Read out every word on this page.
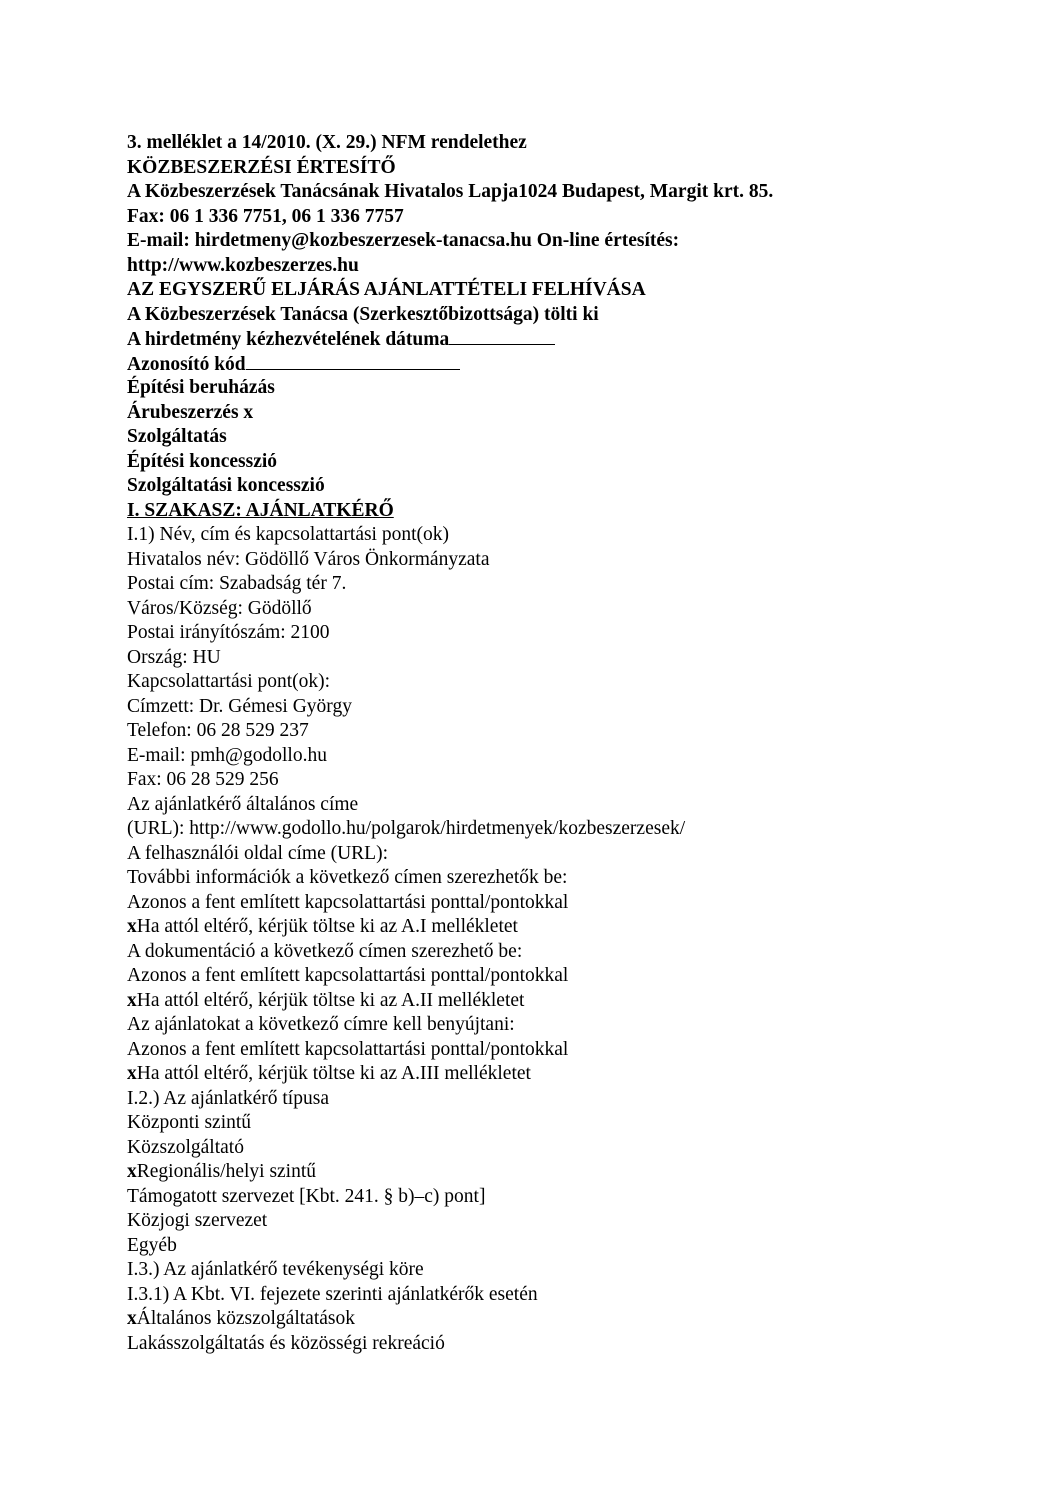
3. melléklet a 14/2010. (X. 29.) NFM rendelethez
KÖZBESZERZÉSI ÉRTESÍTŐ
A Közbeszerzések Tanácsának Hivatalos Lapja1024 Budapest, Margit krt. 85.
Fax: 06 1 336 7751, 06 1 336 7757
E-mail: hirdetmeny@kozbeszerzesek-tanacsa.hu On-line értesítés:
http://www.kozbeszerzes.hu
AZ EGYSZERŰ ELJÁRÁS AJÁNLATTÉTELI FELHÍVÁSA
A Közbeszerzések Tanácsa (Szerkesztőbizottsága) tölti ki
A hirdetmény kézhezvételének dátuma
Azonosító kód
Építési beruházás
Árubeszerzés x
Szolgáltatás
Építési koncesszió
Szolgáltatási koncesszió
I. SZAKASZ: AJÁNLATKÉRŐ
I.1) Név, cím és kapcsolattartási pont(ok)
Hivatalos név: Gödöllő Város Önkormányzata
Postai cím: Szabadság tér 7.
Város/Község: Gödöllő
Postai irányítószám: 2100
Ország: HU
Kapcsolattartási pont(ok):
Címzett: Dr. Gémesi György
Telefon: 06 28 529 237
E-mail: pmh@godollo.hu
Fax: 06 28 529 256
Az ajánlatkérő általános címe
(URL): http://www.godollo.hu/polgarok/hirdetmenyek/kozbeszerzesek/
A felhasználói oldal címe (URL):
További információk a következő címen szerezhetők be:
Azonos a fent említett kapcsolattartási ponttal/pontokkal
xHa attól eltérő, kérjük töltse ki az A.I mellékletet
A dokumentáció a következő címen szerezhető be:
Azonos a fent említett kapcsolattartási ponttal/pontokkal
xHa attól eltérő, kérjük töltse ki az A.II mellékletet
Az ajánlatokat a következő címre kell benyújtani:
Azonos a fent említett kapcsolattartási ponttal/pontokkal
xHa attól eltérő, kérjük töltse ki az A.III mellékletet
I.2.) Az ajánlatkérő típusa
Központi szintű
Közszolgáltató
xRegionális/helyi szintű
Támogatott szervezet [Kbt. 241. § b)–c) pont]
Közjogi szervezet
Egyéb
I.3.) Az ajánlatkérő tevékenységi köre
I.3.1) A Kbt. VI. fejezete szerinti ajánlatkérők esetén
xÁltalános közszolgáltatások
Lakásszolgáltatás és közösségi rekreáció
